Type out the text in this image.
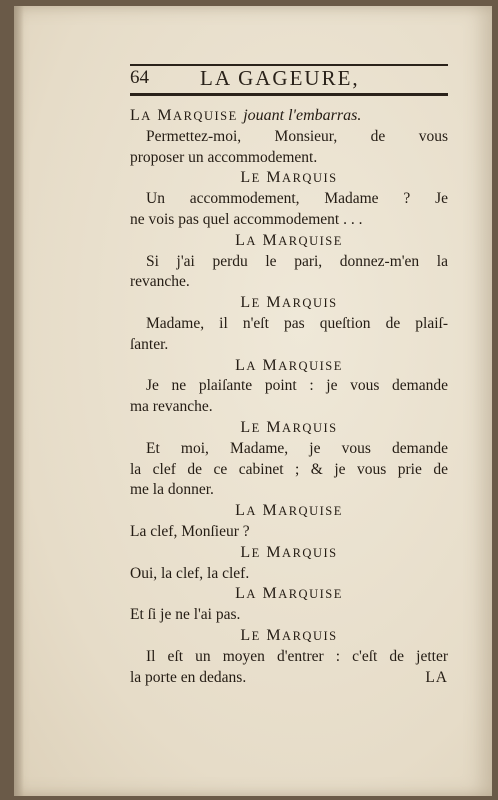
64 LA GAGEURE,
LA MARQUISE jouant l'embarras.
Permettez-moi, Monsieur, de vous
proposer un accommodement.
LE MARQUIS
Un accommodement, Madame ? Je
ne vois pas quel accommodement . . .
LA MARQUISE
Si j'ai perdu le pari, donnez-m'en la
revanche.
LE MARQUIS
Madame, il n'eſt pas queſtion de plaiſ-
ſanter.
LA MARQUISE
Je ne plaiſante point : je vous demande
ma revanche.
LE MARQUIS
Et moi, Madame, je vous demande
la clef de ce cabinet ; & je vous prie de
me la donner.
LA MARQUISE
La clef, Monſieur ?
LE MARQUIS
Oui, la clef, la clef.
LA MARQUISE
Et ſi je ne l'ai pas.
LE MARQUIS
Il eſt un moyen d'entrer : c'eſt de jetter
la porte en dedans.	LA
